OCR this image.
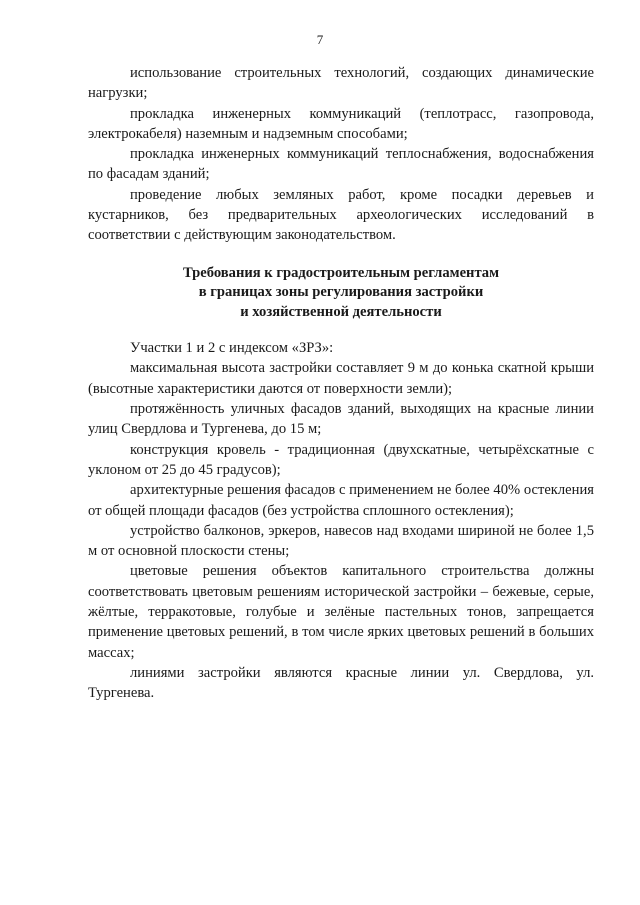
7

использование строительных технологий, создающих динамические нагрузки;

прокладка инженерных коммуникаций (теплотрасс, газопровода, электрокабеля) наземным и надземным способами;

прокладка инженерных коммуникаций теплоснабжения, водоснабжения по фасадам зданий;

проведение любых земляных работ, кроме посадки деревьев и кустарников, без предварительных археологических исследований в соответствии с действующим законодательством.

Требования к градостроительным регламентам
в границах зоны регулирования застройки
и хозяйственной деятельности

Участки 1 и 2 с индексом «ЗРЗ»:

максимальная высота застройки составляет 9 м до конька скатной крыши (высотные характеристики даются от поверхности земли);

протяжённость уличных фасадов зданий, выходящих на красные линии улиц Свердлова и Тургенева, до 15 м;

конструкция кровель - традиционная (двухскатные, четырёхскатные с уклоном от 25 до 45 градусов);

архитектурные решения фасадов с применением не более 40% остекления от общей площади фасадов (без устройства сплошного остекления);

устройство балконов, эркеров, навесов над входами шириной не более 1,5 м от основной плоскости стены;

цветовые решения объектов капитального строительства должны соответствовать цветовым решениям исторической застройки – бежевые, серые, жёлтые, терракотовые, голубые и зелёные пастельных тонов, запрещается применение цветовых решений, в том числе ярких цветовых решений в больших массах;

линиями застройки являются красные линии ул. Свердлова, ул. Тургенева.
